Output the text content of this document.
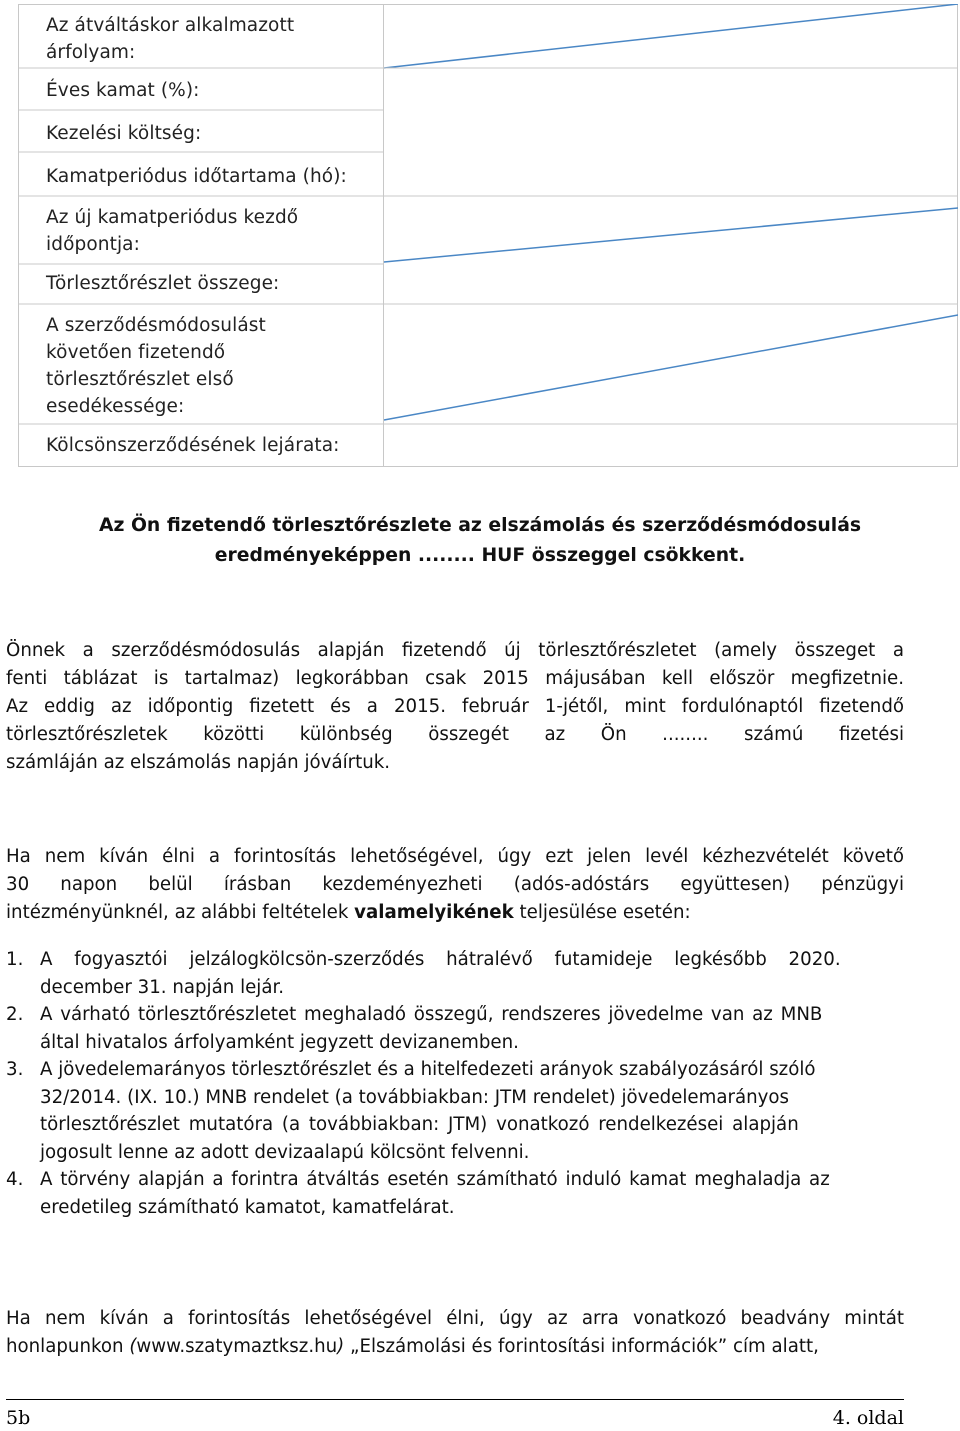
Az átváltáskor alkalmazott
árfolyam:
Éves kamat (%):
Kezelési költség:
Kamatperiódus időtartama (hó):
Az új kamatperiódus kezdő
időpontja:
Törlesztőrészlet összege:
A szerződésmódosulást
követően fizetendő
törlesztőrészlet első
esedékessége:
Kölcsönszerződésének lejárata:
Az Ön fizetendő törlesztőrészlete az elszámolás és szerződésmódosulás
eredményeképpen ........ HUF összeggel csökkent.
Önnek a szerződésmódosulás alapján fizetendő új törlesztőrészletet (amely összeget a
fenti táblázat is tartalmaz) legkorábban csak 2015 májusában kell először megfizetnie.
Az eddig az időpontig fizetett és a 2015. február 1-jétől, mint fordulónaptól fizetendő
törlesztőrészletek közötti különbség összegét az Ön ........ számú fizetési
számláján az elszámolás napján jóváírtuk.
Ha nem kíván élni a forintosítás lehetőségével, úgy ezt jelen levél kézhezvételét követő
30 napon belül írásban kezdeményezheti (adós-adóstárs együttesen) pénzügyi
intézményünknél, az alábbi feltételek valamelyikének teljesülése esetén:
1. A fogyasztói jelzálogkölcsön-szerződés hátralévő futamideje legkésőbb 2020.
december 31. napján lejár.
2. A várható törlesztőrészletet meghaladó összegű, rendszeres jövedelme van az MNB
által hivatalos árfolyamként jegyzett devizanemben.
3. A jövedelemarányos törlesztőrészlet és a hitelfedezeti arányok szabályozásáról szóló
32/2014. (IX. 10.) MNB rendelet (a továbbiakban: JTM rendelet) jövedelemarányos
törlesztőrészlet mutatóra (a továbbiakban: JTM) vonatkozó rendelkezései alapján
jogosult lenne az adott devizaalapú kölcsönt felvenni.
4. A törvény alapján a forintra átváltás esetén számítható induló kamat meghaladja az
eredetileg számítható kamatot, kamatfelárat.
Ha nem kíván a forintosítás lehetőségével élni, úgy az arra vonatkozó beadvány mintát
honlapunkon (www.szatymaztksz.hu) „Elszámolási és forintosítási információk” cím alatt,
5b	4. oldal
